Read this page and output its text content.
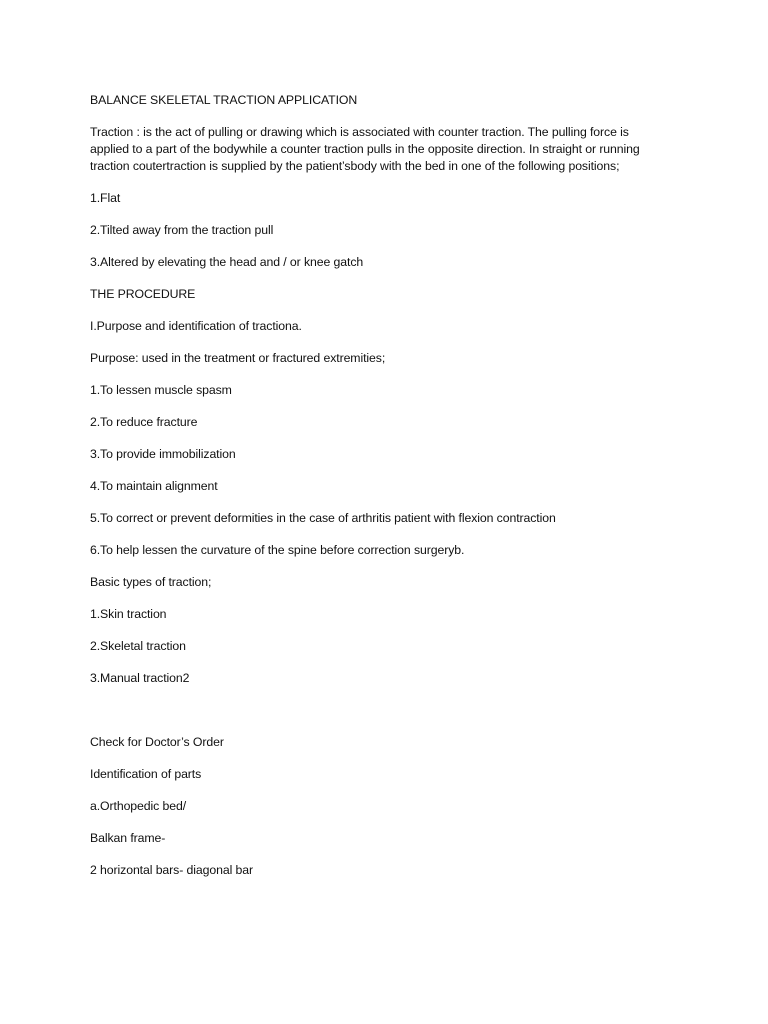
BALANCE SKELETAL TRACTION APPLICATION

Traction : is the act of pulling or drawing which is associated with counter traction. The pulling force is applied to a part of the bodywhile a counter traction pulls in the opposite direction. In straight or running traction coutertraction is supplied by the patient’sbody with the bed in one of the following positions;

1.Flat

2.Tilted away from the traction pull

3.Altered by elevating the head and / or knee gatch

THE PROCEDURE

I.Purpose and identification of tractiona.

Purpose: used in the treatment or fractured extremities;

1.To lessen muscle spasm

2.To reduce fracture

3.To provide immobilization

4.To maintain alignment

5.To correct or prevent deformities in the case of arthritis patient with flexion contraction

6.To help lessen the curvature of the spine before correction surgeryb.

Basic types of traction;

1.Skin traction

2.Skeletal traction

3.Manual traction2

Check for Doctor’s Order

Identification of parts

a.Orthopedic bed/

Balkan frame-

2 horizontal bars- diagonal bar
